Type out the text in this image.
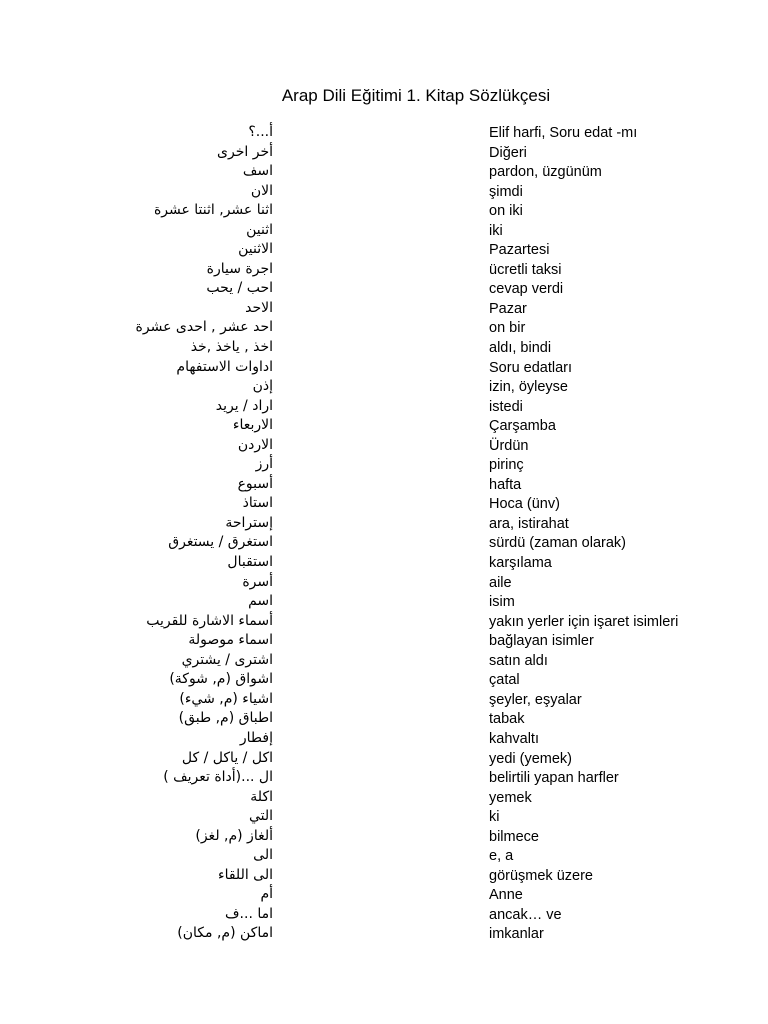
Arap Dili Eğitimi 1. Kitap Sözlükçesi
أ...؟	Elif harfi, Soru edat -mı
أخر اخرى	Diğeri
اسف	pardon, üzgünüm
الان	şimdi
اثنا عشر, اثنتا عشرة	on iki
اثنين	iki
الاثنين	Pazartesi
اجرة سيارة	ücretli taksi
احب / يحب	cevap verdi
الاحد	Pazar
احد عشر , احدى عشرة	on bir
اخذ , ياخذ ,خذ	aldı, bindi
اداوات الاستفهام	Soru edatları
إذن	izin, öyleyse
اراد / يريد	istedi
الاربعاء	Çarşamba
الاردن	Ürdün
أرز	pirinç
أسبوع	hafta
استاذ	Hoca (ünv)
إستراحة	ara, istirahat
استغرق / يستغرق	sürdü (zaman olarak)
استقبال	karşılama
أسرة	aile
اسم	isim
أسماء الاشارة للقريب	yakın yerler için işaret isimleri
اسماء موصولة	bağlayan isimler
اشترى / يشتري	satın aldı
اشواق (م, شوكة)	çatal
اشياء (م, شيء)	şeyler, eşyalar
اطباق (م, طبق)	tabak
إفطار	kahvaltı
اكل / ياكل / كل	yedi (yemek)
ال ...(أداة تعريف )	belirtili yapan harfler
اكلة	yemek
التي	ki
ألغاز (م, لغز)	bilmece
الى	e, a
الى اللقاء	görüşmek üzere
أم	Anne
اما ...ف	ancak… ve
اماكن (م, مكان)	imkanlar
